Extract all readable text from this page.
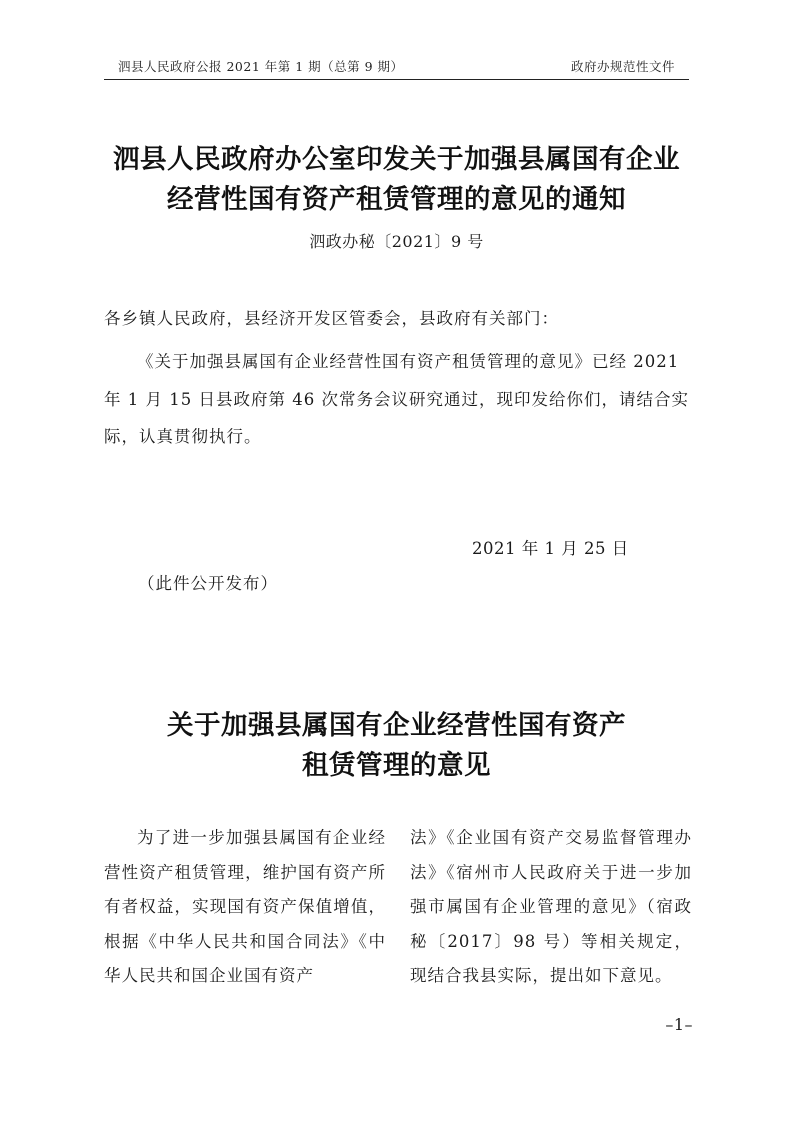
泗县人民政府公报 2021 年第 1 期（总第 9 期）	政府办规范性文件
泗县人民政府办公室印发关于加强县属国有企业
经营性国有资产租赁管理的意见的通知
泗政办秘〔2021〕9 号
各乡镇人民政府，县经济开发区管委会，县政府有关部门：
《关于加强县属国有企业经营性国有资产租赁管理的意见》已经 2021 年 1 月 15 日县政府第 46 次常务会议研究通过，现印发给你们，请结合实际，认真贯彻执行。
2021 年 1 月 25 日
（此件公开发布）
关于加强县属国有企业经营性国有资产
租赁管理的意见
为了进一步加强县属国有企业经营性资产租赁管理，维护国有资产所有者权益，实现国有资产保值增值，根据《中华人民共和国合同法》《中华人民共和国企业国有资产
法》《企业国有资产交易监督管理办法》《宿州市人民政府关于进一步加强市属国有企业管理的意见》（宿政秘〔2017〕98 号）等相关规定，现结合我县实际，提出如下意见。
–1–
